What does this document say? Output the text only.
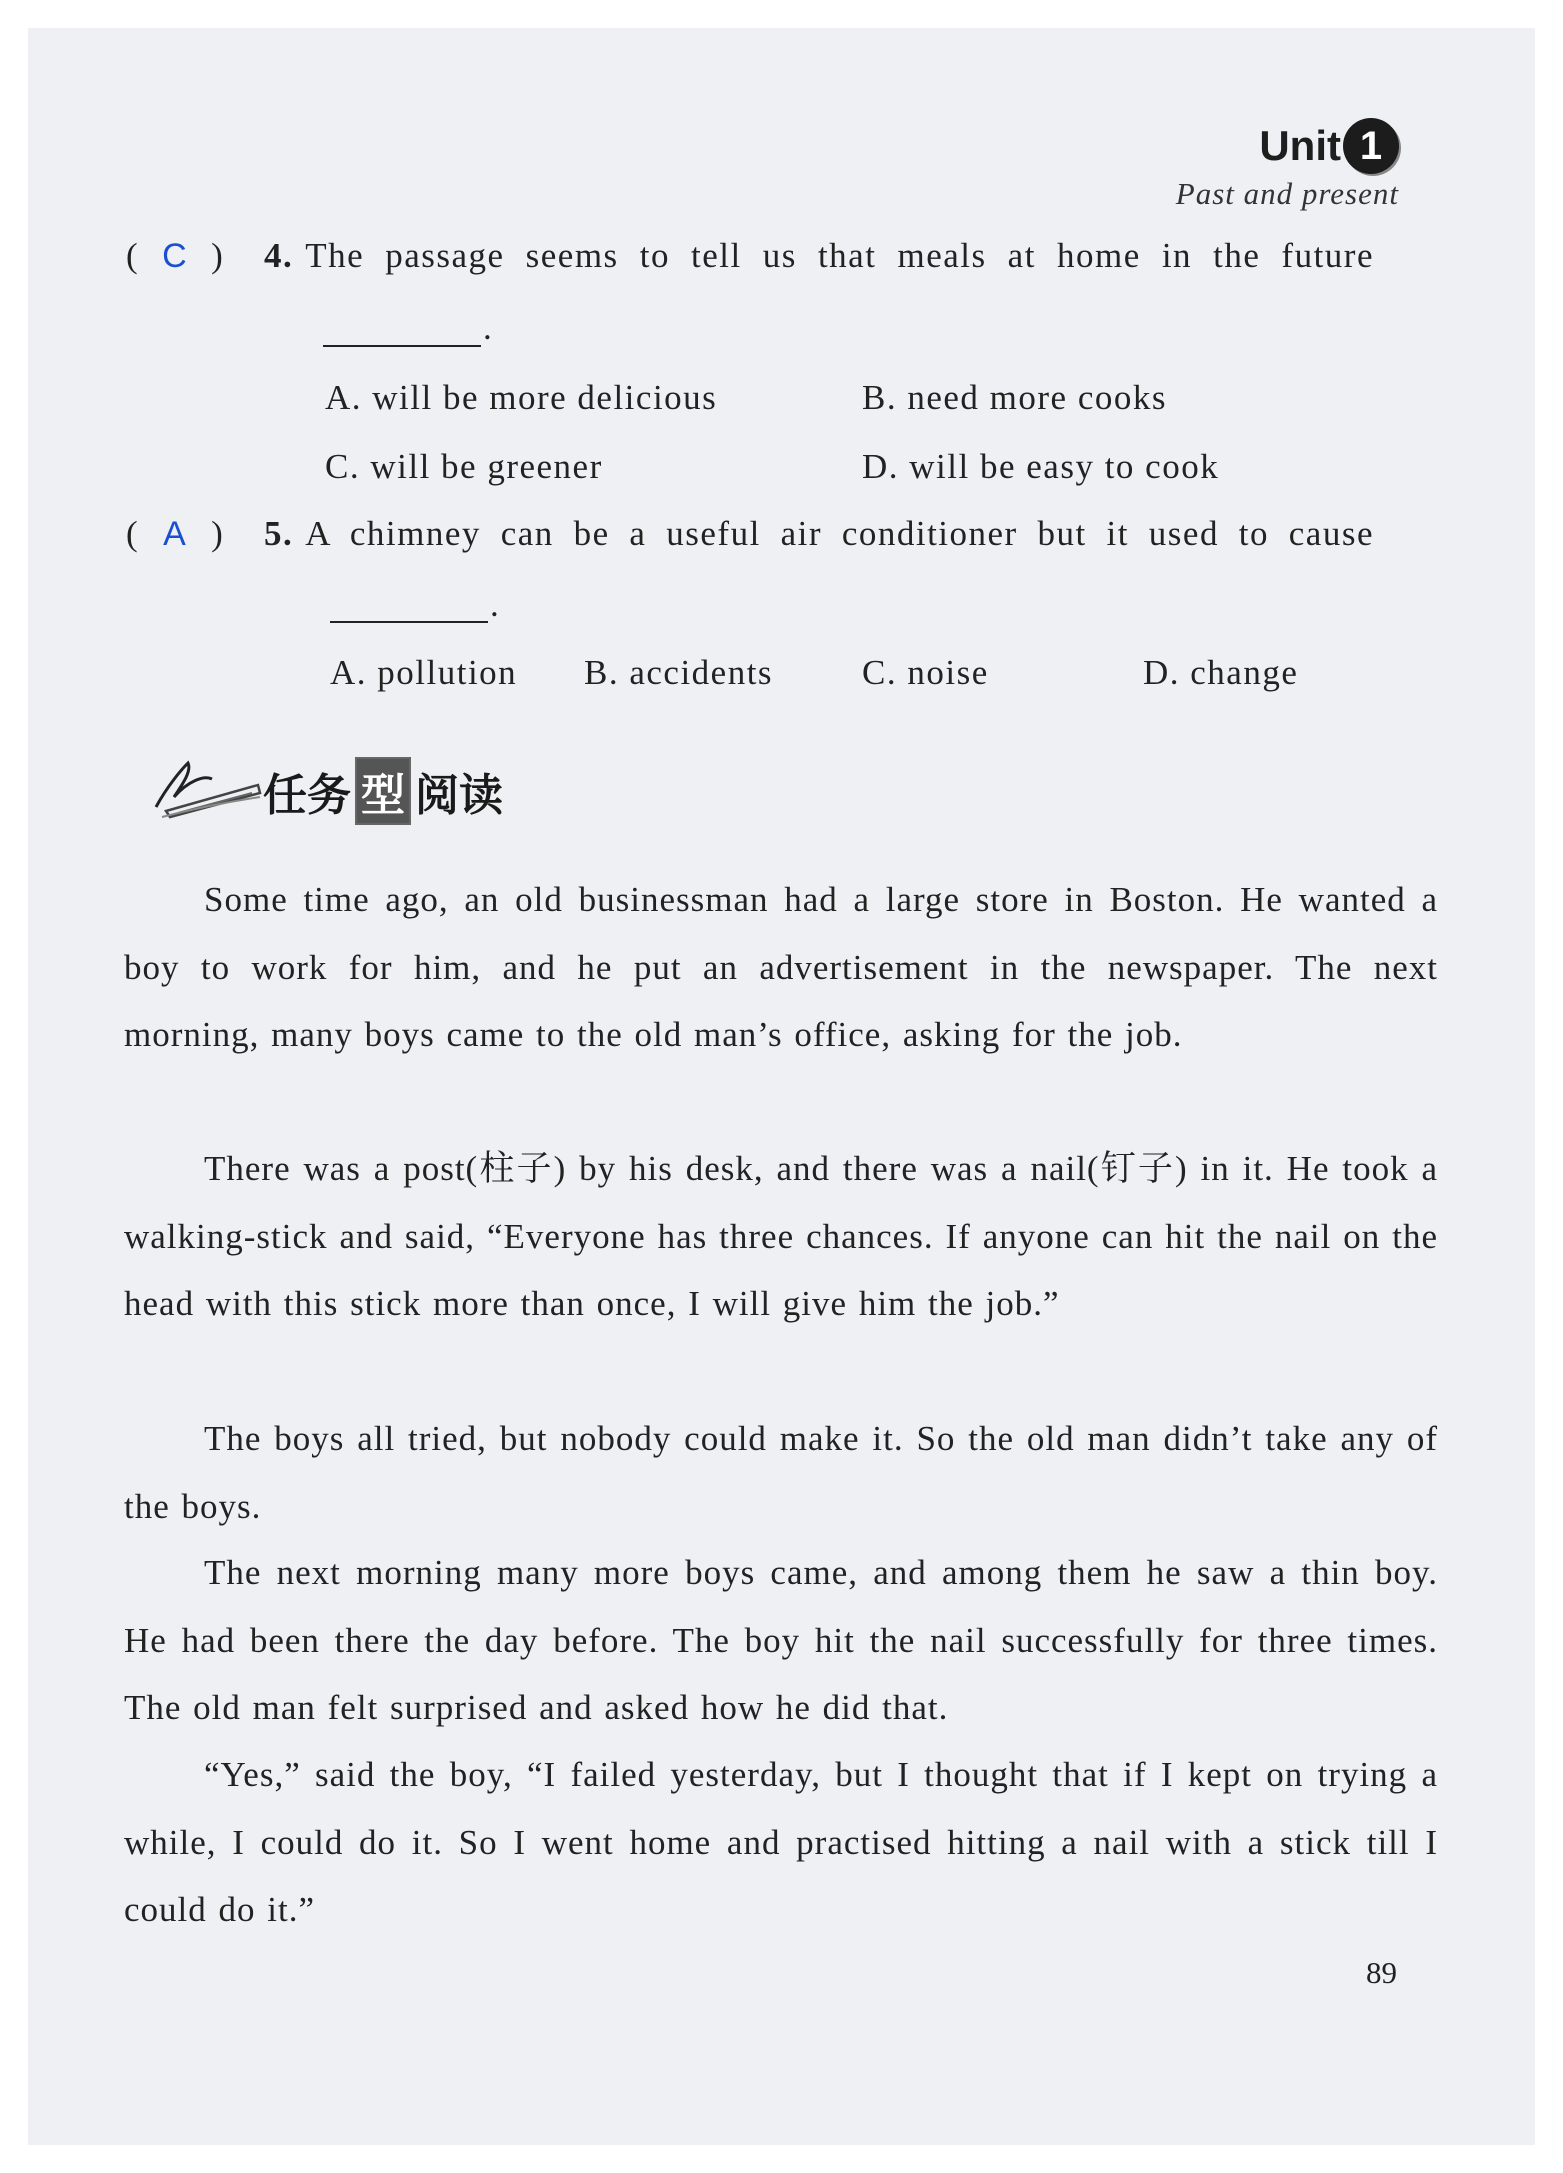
Unit 1
Past and present
( C ) 4. The passage seems to tell us that meals at home in the future
.
A. will be more delicious	B. need more cooks
C. will be greener	D. will be easy to cook
( A ) 5. A chimney can be a useful air conditioner but it used to cause
.
A. pollution B. accidents	C. noise	D. change
任务 型 阅读
Some time ago, an old businessman had a large store in Boston. He wanted a boy to work for him, and he put an advertisement in the newspaper. The next morning, many boys came to the old man’s office, asking for the job.
There was a post(柱子) by his desk, and there was a nail(钉子) in it. He took a walking-stick and said, “Everyone has three chances. If anyone can hit the nail on the head with this stick more than once, I will give him the job.”
The boys all tried, but nobody could make it. So the old man didn’t take any of the boys.
The next morning many more boys came, and among them he saw a thin boy. He had been there the day before. The boy hit the nail successfully for three times. The old man felt surprised and asked how he did that.
“Yes,” said the boy, “I failed yesterday, but I thought that if I kept on trying a while, I could do it. So I went home and practised hitting a nail with a stick till I could do it.”
89
